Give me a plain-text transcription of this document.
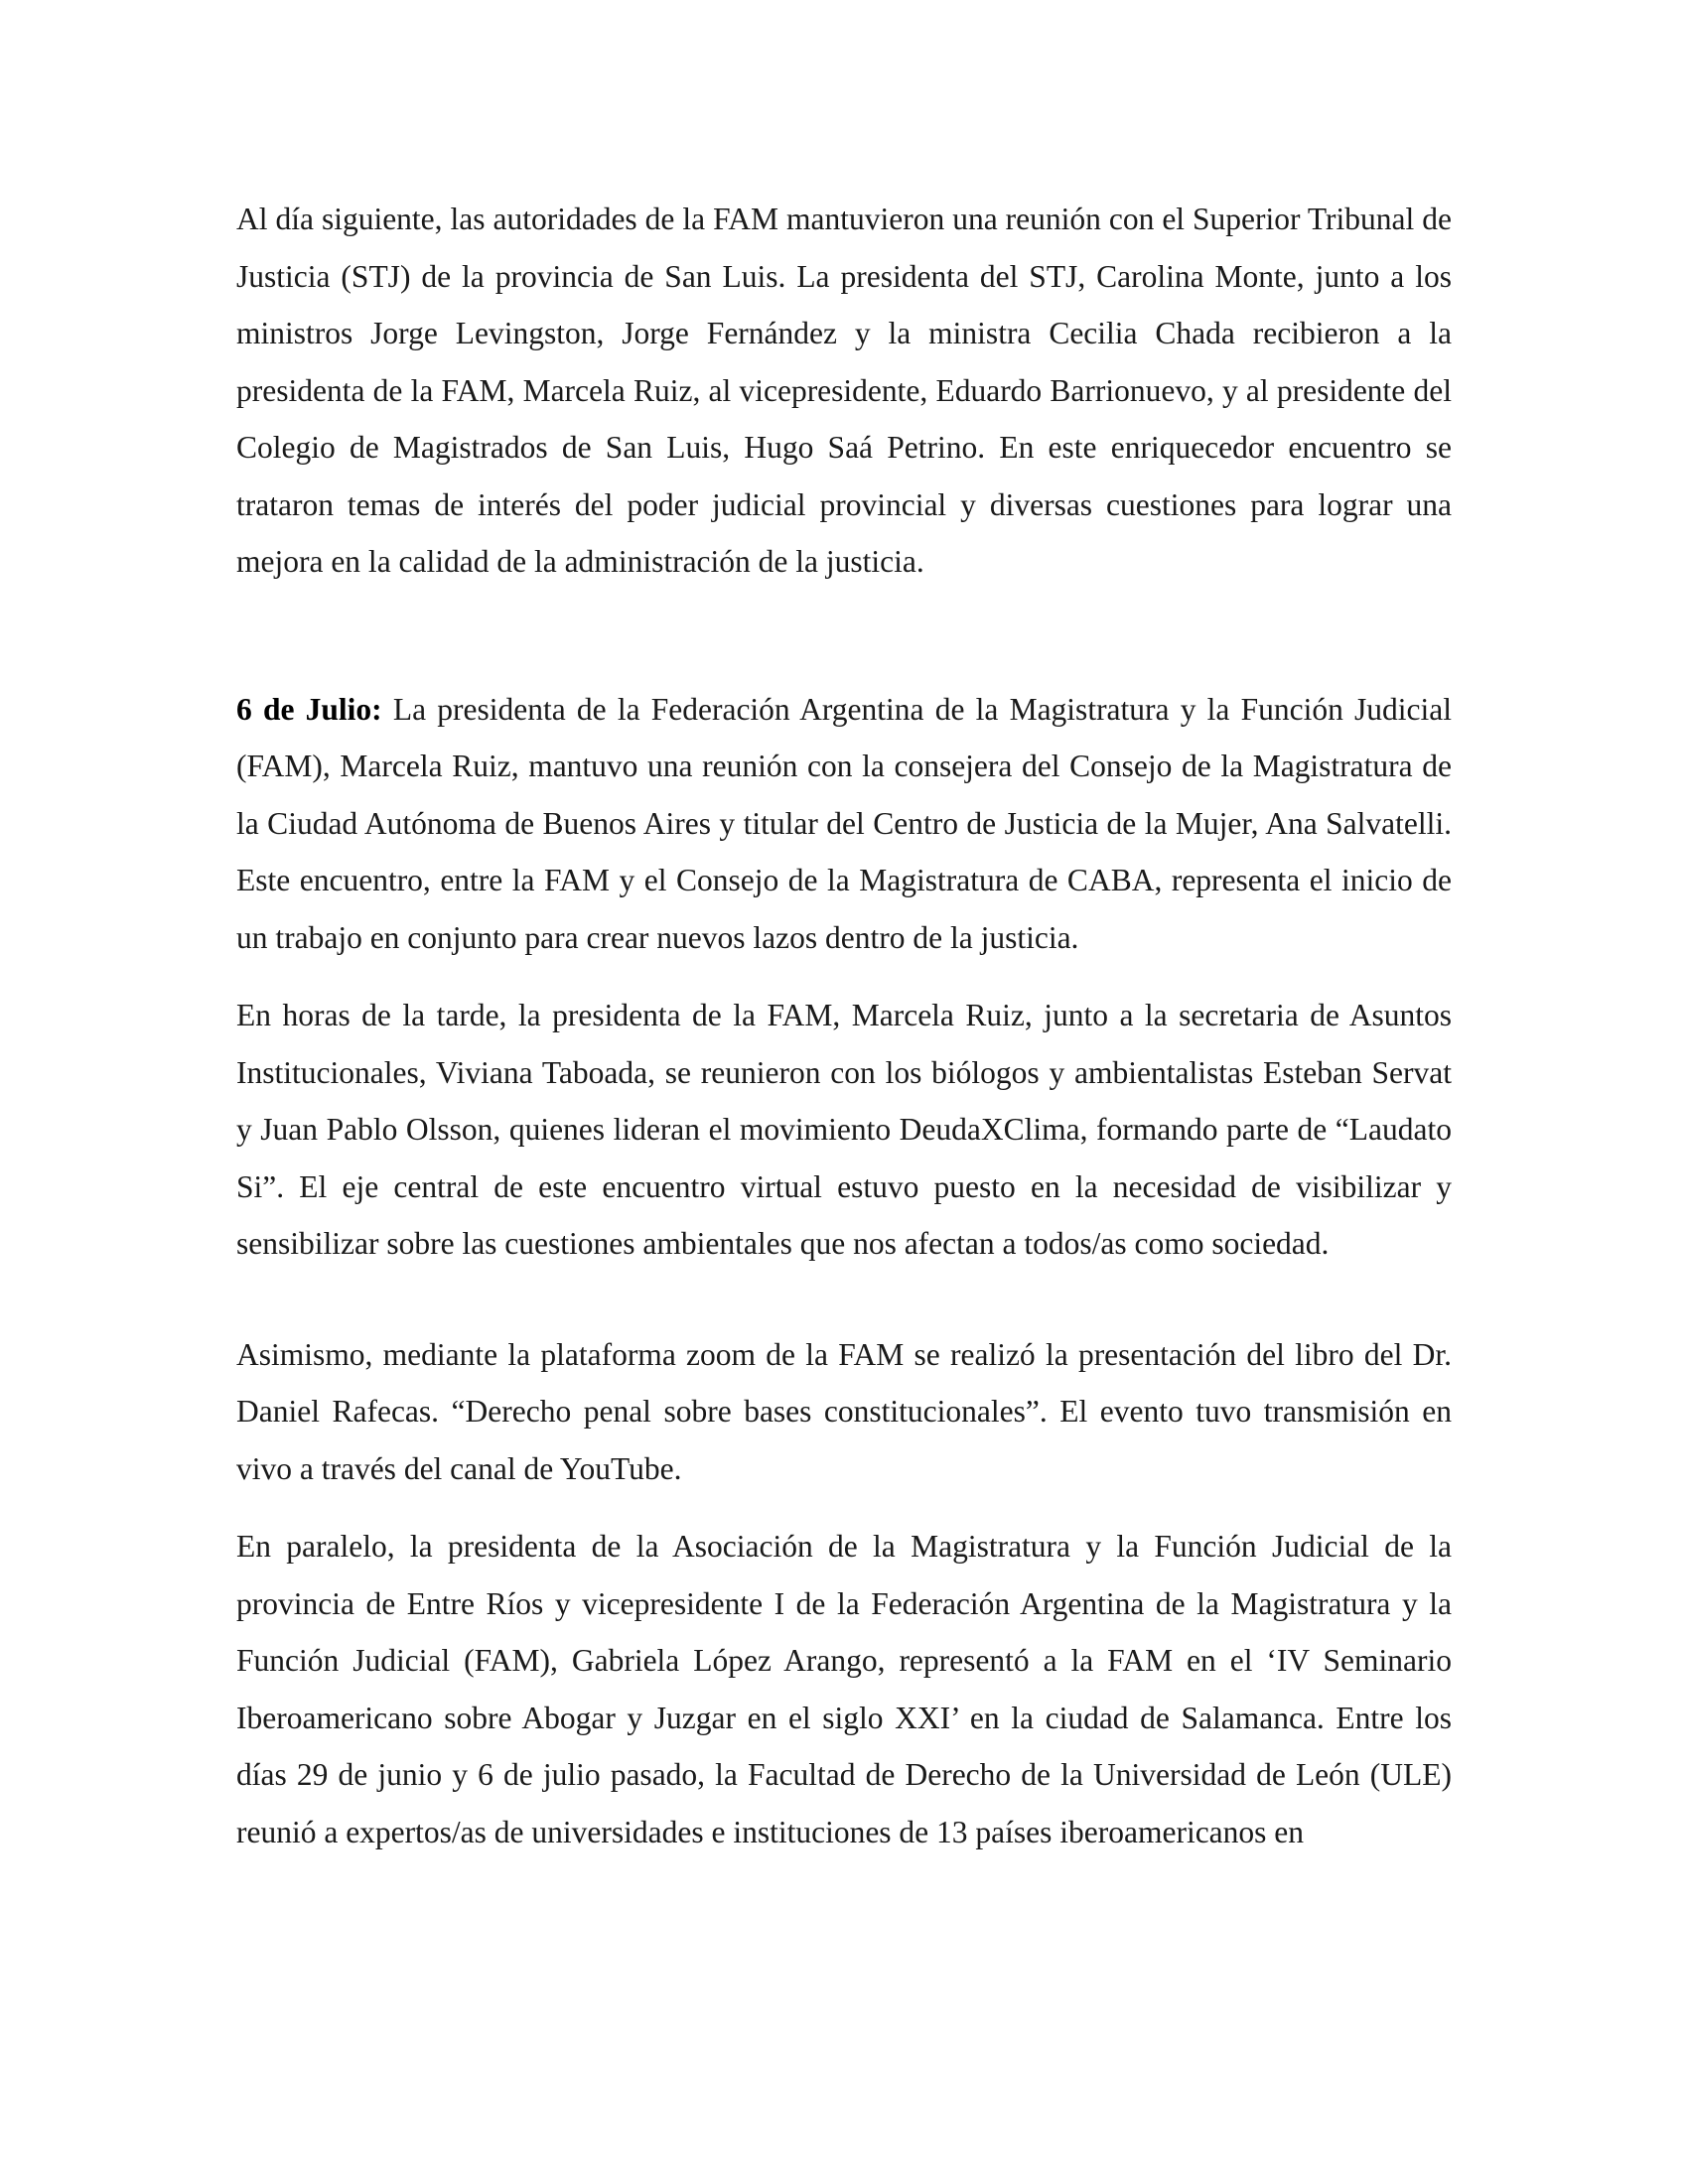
Al día siguiente, las autoridades de la FAM mantuvieron una reunión con el Superior Tribunal de Justicia (STJ) de la provincia de San Luis. La presidenta del STJ, Carolina Monte, junto a los ministros Jorge Levingston, Jorge Fernández y la ministra Cecilia Chada recibieron a la presidenta de la FAM, Marcela Ruiz, al vicepresidente, Eduardo Barrionuevo, y al presidente del Colegio de Magistrados de San Luis, Hugo Saá Petrino. En este enriquecedor encuentro se trataron temas de interés del poder judicial provincial y diversas cuestiones para lograr una mejora en la calidad de la administración de la justicia.

6 de Julio: La presidenta de la Federación Argentina de la Magistratura y la Función Judicial (FAM), Marcela Ruiz, mantuvo una reunión con la consejera del Consejo de la Magistratura de la Ciudad Autónoma de Buenos Aires y titular del Centro de Justicia de la Mujer, Ana Salvatelli. Este encuentro, entre la FAM y el Consejo de la Magistratura de CABA, representa el inicio de un trabajo en conjunto para crear nuevos lazos dentro de la justicia.

En horas de la tarde, la presidenta de la FAM, Marcela Ruiz, junto a la secretaria de Asuntos Institucionales, Viviana Taboada, se reunieron con los biólogos y ambientalistas Esteban Servat y Juan Pablo Olsson, quienes lideran el movimiento DeudaXClima, formando parte de “Laudato Si”. El eje central de este encuentro virtual estuvo puesto en la necesidad de visibilizar y sensibilizar sobre las cuestiones ambientales que nos afectan a todos/as como sociedad.

Asimismo, mediante la plataforma zoom de la FAM se realizó la presentación del libro del Dr. Daniel Rafecas. “Derecho penal sobre bases constitucionales”. El evento tuvo transmisión en vivo a través del canal de YouTube.

En paralelo, la presidenta de la Asociación de la Magistratura y la Función Judicial de la provincia de Entre Ríos y vicepresidente I de la Federación Argentina de la Magistratura y la Función Judicial (FAM), Gabriela López Arango, representó a la FAM en el ‘IV Seminario Iberoamericano sobre Abogar y Juzgar en el siglo XXI’ en la ciudad de Salamanca. Entre los días 29 de junio y 6 de julio pasado, la Facultad de Derecho de la Universidad de León (ULE) reunió a expertos/as de universidades e instituciones de 13 países iberoamericanos en
